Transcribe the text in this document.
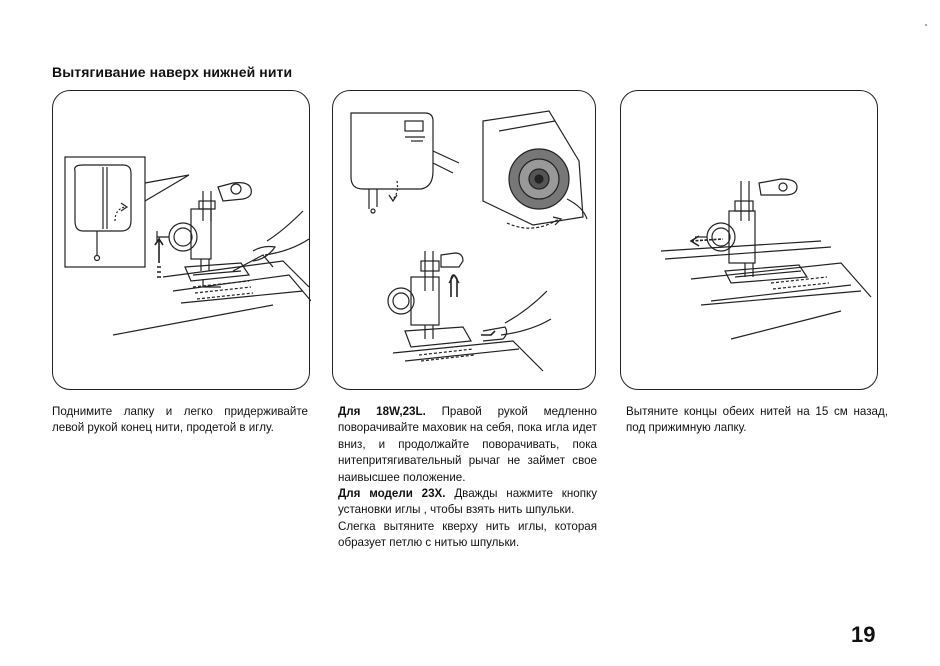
Вытягивание наверх нижней нити

Поднимите лапку и легко придерживайте левой рукой конец нити, продетой в иглу.

Для 18W,23L. Правой рукой медленно поворачивайте маховик на себя, пока игла идет вниз, и продолжайте поворачивать, пока нитепритягивательный рычаг не займет свое наивысшее положение.

Для модели 23X. Дважды нажмите кнопку установки иглы , чтобы взять нить шпульки.

Слегка вытяните кверху нить иглы, которая образует петлю с нитью шпульки.

Вытяните концы обеих нитей на 15 см назад, под прижимную лапку.

19
